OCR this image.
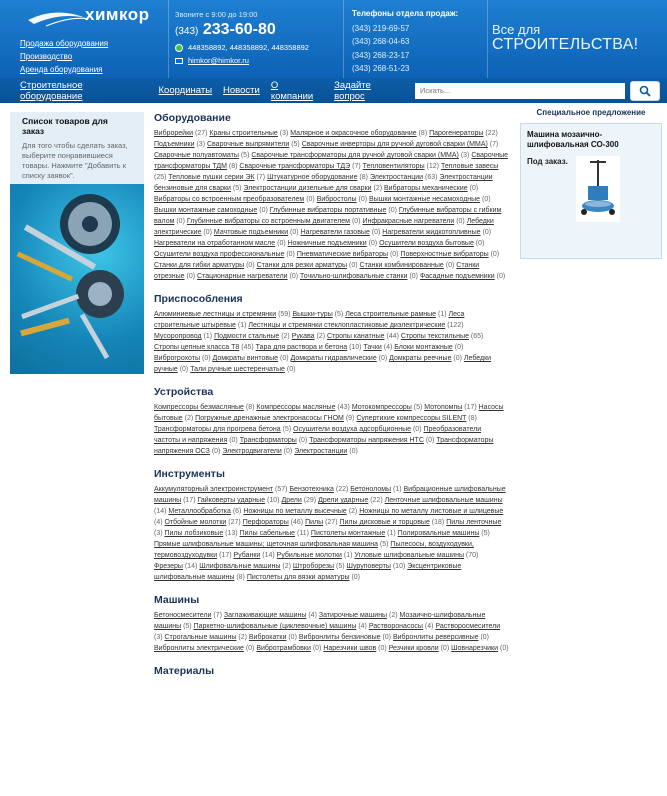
химкор
Продажа оборудования
Производство
Аренда оборудования
Звоните с 9:00 до 19:00
(343) 233-60-80
448358892, 448358892, 448358892
himkor@himkor.ru
Телефоны отдела продаж:
(343) 219-69-57
(343) 268-04-63
(343) 268-23-17
(343) 268-51-23
Все для
СТРОИТЕЛЬСТВА!
Строительное оборудование	Координаты Новости О компании
Задайте вопрос
Искать...
Список товаров для заказ
Для того чтобы сделать заказ, выберите понравившиеся товары. Нажмите "Добавить к списку заявок".
Оборудование
Виброрейки (27) Краны строительные (3) Малярное и окрасочное оборудование (8) Парогенераторы (22) Подъемники (3) Сварочные выпрямители (5) Сварочные инверторы для ручной дуговой сварки (ММА) (7) Сварочные полуавтоматы (5) Сварочные трансформаторы для ручной дуговой сварки (ММА) (3) Сварочные трансформаторы ТДМ (8) Сварочные трансформаторы ТДЭ (7) Тепловентиляторы (12) Тепловые завесы (25) Тепловые пушки серии ЭК (7) Штукатурное оборудование (8) Электростанции (63) Электростанции бензиновые для сварки (5) Электростанции дизельные для сварки (2) Вибраторы механические (0) Вибраторы со встроенным преобразователем (0) Вибростолы (0) Вышки монтажные несамоходные (0) Вышки монтажные самоходные (0) Глубинные вибраторы портативные (0) Глубинные вибраторы с гибким валом (0) Глубинные вибраторы со встроенным двигателем (0) Инфракрасные нагреватели (0) Лебедки электрические (0) Мачтовые подъемники (0) Нагреватели газовые (0) Нагреватели жидкотопливные (0) Нагреватели на отработанном масле (0) Ножничные подъемники (0) Осушители воздуха бытовые (0) Осушители воздуха профессиональные (0) Пневматические вибраторы (0) Поверхностные вибраторы (0) Станки для гибки арматуры (0) Станки для резки арматуры (0) Станки комбинированные (0) Станки отрезные (0) Стационарные нагреватели (0) Точильно-шлифовальные станки (0) Фасадные подъемники (0)
Приспособления
Алюминиевые лестницы и стремянки (59) Вышки-туры (5) Леса строительные рамные (1) Леса строительные штыревые (1) Лестницы и стремянки стеклопластиковые диэлектрические (122) Мусоропровод (1) Подмости стальные (2) Рукава (2) Стропы канатные (44) Стропы текстильные (65) Стропы цепные класса Т8 (45) Тара для раствора и бетона (10) Тачки (4) Блоки монтажные (0) Виброгрохоты (0) Домкраты винтовые (0) Домкраты гидравлические (0) Домкраты реечные (0) Лебедки ручные (0) Тали ручные шестеренчатые (0)
Устройства
Компрессоры безмасляные (8) Компрессоры масляные (43) Мотокомпрессоры (5) Мотопомпы (17) Насосы бытовые (2) Погружные дренажные электронасосы ГНОМ (9) Супертихие компрессоры SILENT (8) Трансформаторы для прогрева бетона (5) Осушители воздуха адсорбционные (0) Преобразователи частоты и напряжения (0) Трансформаторы (0) Трансформаторы напряжения НТС (0) Трансформаторы напряжения ОСЗ (0) Электродвигатели (0) Электростанции (0)
Инструменты
Аккумуляторный электроинструмент (57) Бензотехника (22) Бетоноломы (1) Вибрационные шлифовальные машины (17) Гайковерты ударные (10) Дрели (29) Дрели ударные (22) Ленточные шлифовальные машины (14) Металлообработка (6) Ножницы по металлу высечные (2) Ножницы по металлу листовые и шлицевые (4) Отбойные молотки (27) Перфораторы (46) Пилы (27) Пилы дисковые и торцовые (18) Пилы ленточные (3) Пилы лобзиковые (13) Пилы сабельные (11) Пистолеты монтажные (1) Полировальные машины (5) Прямые шлифовальные машины; щеточная шлифовальная машина (5) Пылесосы, воздуходувки, термовоздуходувки (17) Рубанки (14) Рубильные молотки (1) Угловые шлифовальные машины (70) Фрезеры (14) Шлифовальные машины (2) Штроборезы (5) Шуруповерты (10) Эксцентриковые шлифовальные машины (8) Пистолеты для вязки арматуры (0)
Машины
Бетоносмесители (7) Заглаживающие машины (4) Затирочные машины (2) Мозаично-шлифовальные машины (5) Паркетно-шлифовальные (циклевочные) машины (4) Растворонасосы (4) Растворосмесители (3) Строгальные машины (2) Виброкатки (0) Вибронлиты бензиновые (0) Вибронлиты реверсивные (0) Вибронлиты электрические (0) Вибротрамбовки (0) Нарезчики швов (0) Резчики кровли (0) Шовнарезчики (0)
Материалы
Специальное предложение
Машина мозаично-шлифовальная СО-300
Под заказ.
